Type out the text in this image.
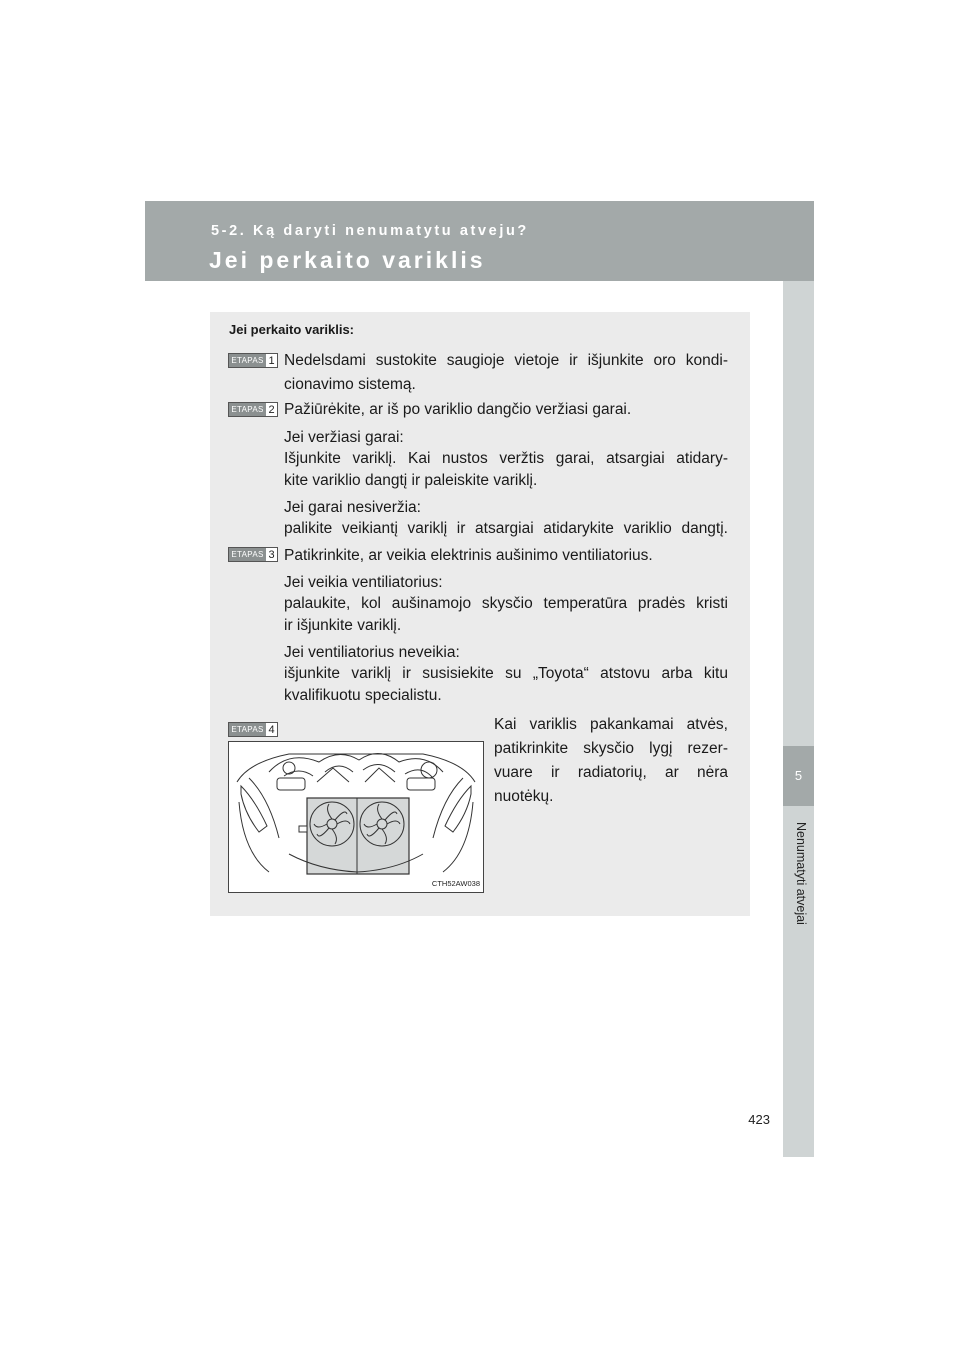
5-2. Ką daryti nenumatytu atveju?
Jei perkaito variklis
5
Nenumatyti atvejai
423
Jei perkaito variklis:
ETAPAS 1 Nedelsdami sustokite saugioje vietoje ir išjunkite oro kondi-
cionavimo sistemą.
ETAPAS 2 Pažiūrėkite, ar iš po variklio dangčio veržiasi garai.
Jei veržiasi garai:
Išjunkite variklį. Kai nustos veržtis garai, atsargiai atidary-
kite variklio dangtį ir paleiskite variklį.
Jei garai nesiveržia:
palikite veikiantį variklį ir atsargiai atidarykite variklio dangtį.
ETAPAS 3 Patikrinkite, ar veikia elektrinis aušinimo ventiliatorius.
Jei veikia ventiliatorius:
palaukite, kol aušinamojo skysčio temperatūra pradės kristi
ir išjunkite variklį.
Jei ventiliatorius neveikia:
išjunkite variklį ir susisiekite su „Toyota“ atstovu arba kitu
kvalifikuotu specialistu.
ETAPAS 4	Kai variklis pakankamai atvės,
patikrinkite skysčio lygį rezer-
vuare ir radiatorių, ar nėra
nuotėkų.
CTH52AW038
